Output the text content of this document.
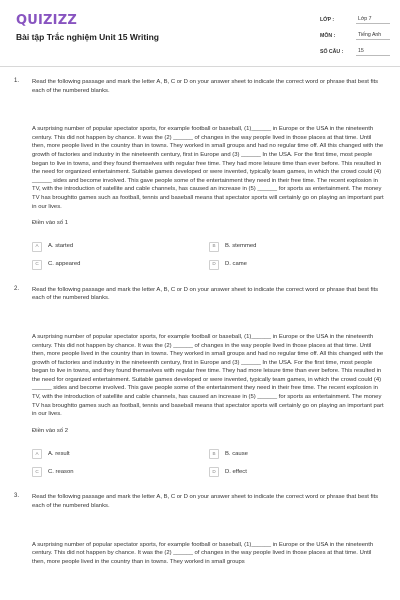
QUIZIZZ
Bài tập Trắc nghiệm Unit 15 Writing
LỚP :	Lớp 7
MÔN :	Tiếng Anh
SỐ CÂU :	15
1. Read the following passage and mark the letter A, B, C or D on your answer sheet to indicate the correct word or phrase that best fits each of the numbered blanks.

A surprising number of popular spectator sports, for example football or baseball, (1)______ in Europe or the USA in the nineteenth century. This did not happen by chance. It was the (2) ______ of changes in the way people lived in those places at that time. Until then, more people lived in the country than in towns. They worked in small groups and had no regular time off. All this changed with the growth of factories and industry in the nineteenth century, first in Europe and (3) ______ In the USA. For the first time, most people began to live in towns, and they found themselves with regular free time. They had more leisure time than ever before. This resulted in the need for organized entertainment. Suitable games developed or were invented, typically team games, in which the crowd could (4) ______ sides and become involved. This gave people some of the entertainment they need in their free time. The recent explosion in TV, with the introduction of satellite and cable channels, has caused an increase in (5) ______ for sports as entertainment. The money TV has broughtto games such as football, tennis and baseball means that spectator sports will certainly go on playing an important part in our lives.

Điền vào số 1
A	A. started	B	B. stemmed
C	C. appeared	D	D. came
2. Read the following passage and mark the letter A, B, C or D on your answer sheet to indicate the correct word or phrase that best fits each of the numbered blanks.

A surprising number of popular spectator sports, for example football or baseball, (1)______ in Europe or the USA in the nineteenth century. This did not happen by chance. It was the (2) ______ of changes in the way people lived in those places at that time. Until then, more people lived in the country than in towns. They worked in small groups and had no regular time off. All this changed with the growth of factories and industry in the nineteenth century, first in Europe and (3) ______ In the USA. For the first time, most people began to live in towns, and they found themselves with regular free time. They had more leisure time than ever before. This resulted in the need for organized entertainment. Suitable games developed or were invented, typically team games, in which the crowd could (4) ______ sides and become involved. This gave people some of the entertainment they need in their free time. The recent explosion in TV, with the introduction of satellite and cable channels, has caused an increase in (5) ______ for sports as entertainment. The money TV has broughtto games such as football, tennis and baseball means that spectator sports will certainly go on playing an important part in our lives.

Điền vào số 2
A	A. result	B	B. cause
C	C. reason	D	D. effect
3. Read the following passage and mark the letter A, B, C or D on your answer sheet to indicate the correct word or phrase that best fits each of the numbered blanks.

A surprising number of popular spectator sports, for example football or baseball, (1)______ in Europe or the USA in the nineteenth century. This did not happen by chance. It was the (2) ______ of changes in the way people lived in those places at that time. Until then, more people lived in the country than in towns. They worked in small groups
